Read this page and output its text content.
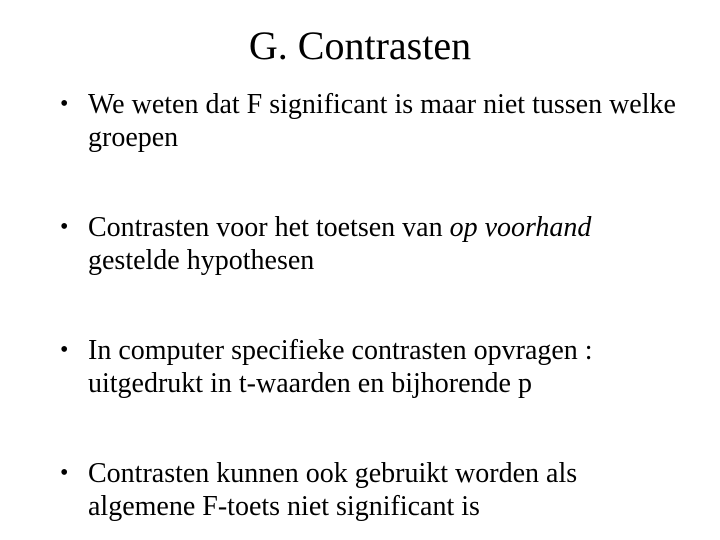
G. Contrasten
• We weten dat F significant is maar niet tussen welke groepen
• Contrasten voor het toetsen van op voorhand gestelde hypothesen
• In computer specifieke contrasten opvragen : uitgedrukt in t-waarden en bijhorende p
• Contrasten kunnen ook gebruikt worden als algemene F-toets niet significant is
